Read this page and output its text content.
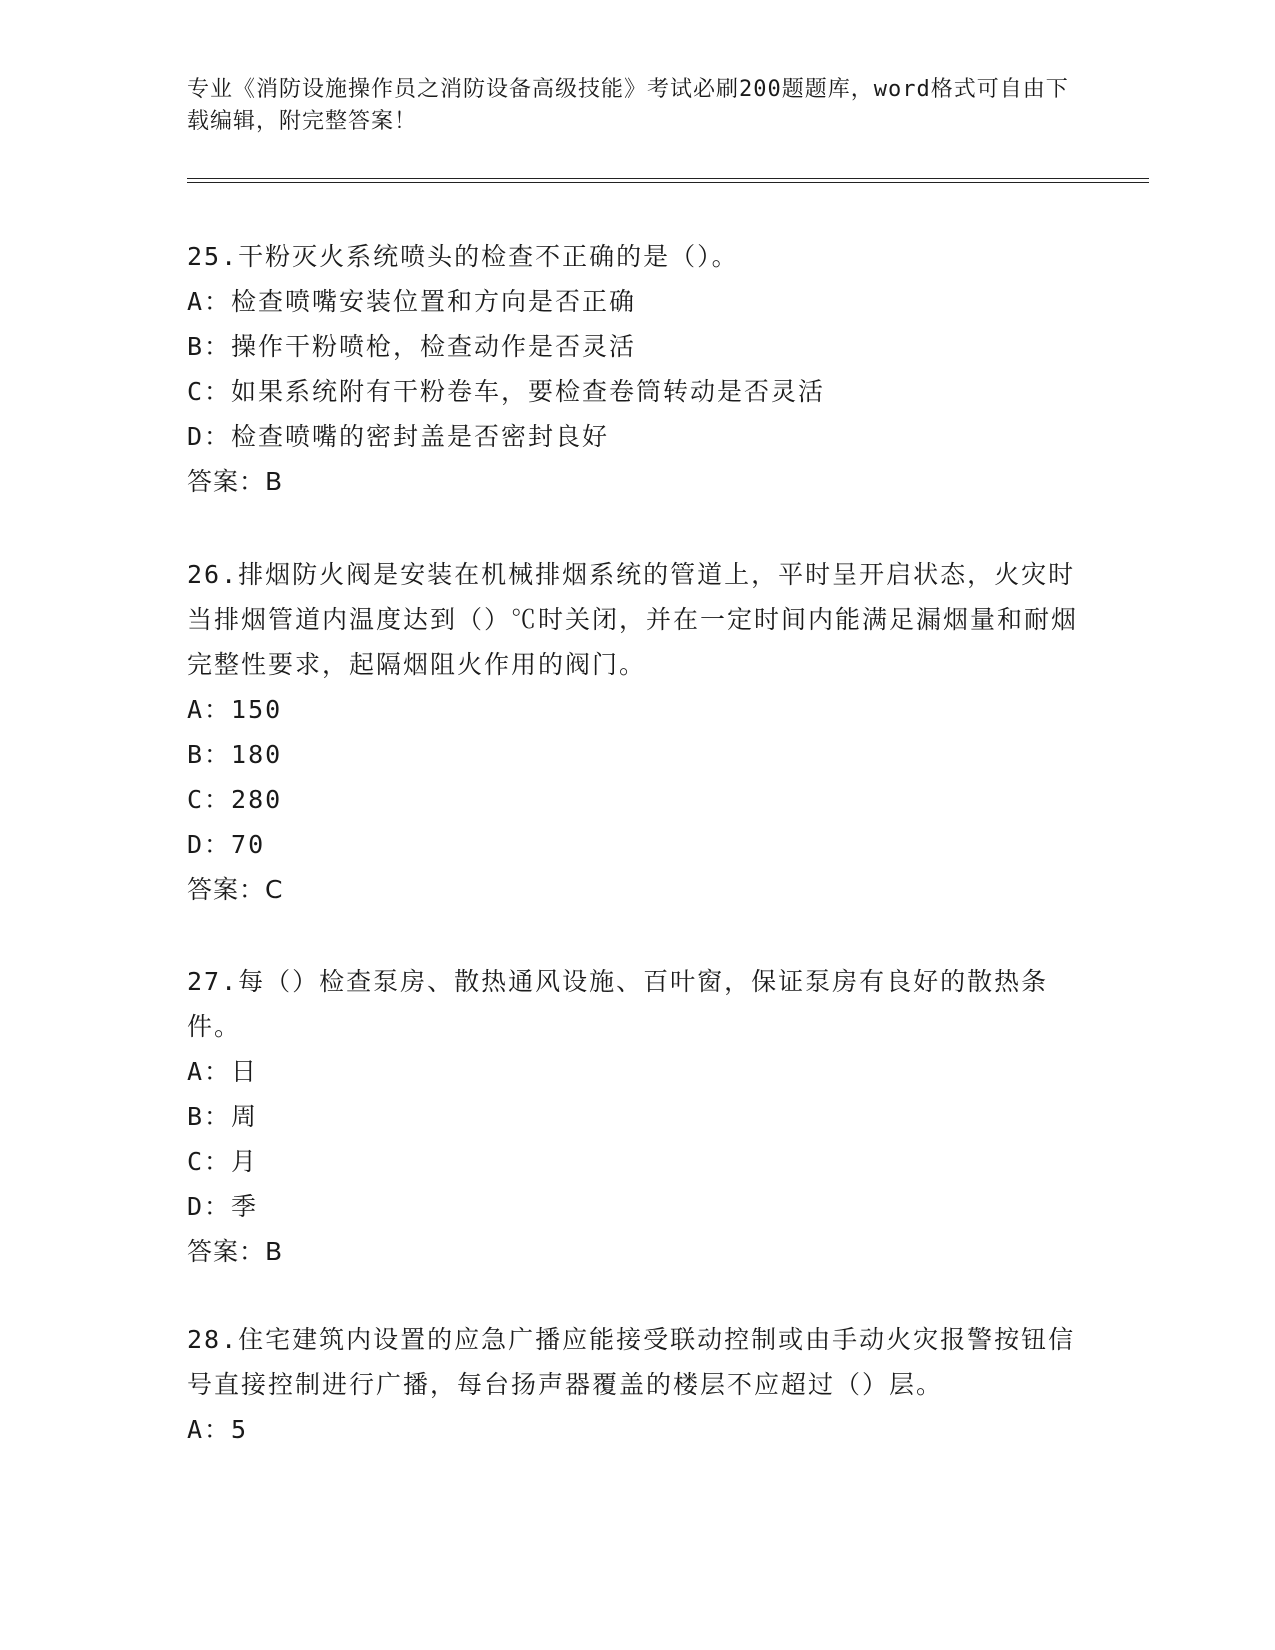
专业《消防设施操作员之消防设备高级技能》考试必刷200题题库，word格式可自由下载编辑，附完整答案！

25.干粉灭火系统喷头的检查不正确的是（）。

A：检查喷嘴安装位置和方向是否正确

B：操作干粉喷枪，检查动作是否灵活

C：如果系统附有干粉卷车，要检查卷筒转动是否灵活

D：检查喷嘴的密封盖是否密封良好

答案：B

26.排烟防火阀是安装在机械排烟系统的管道上，平时呈开启状态，火灾时当排烟管道内温度达到（）℃时关闭，并在一定时间内能满足漏烟量和耐烟完整性要求，起隔烟阻火作用的阀门。

A：150

B：180

C：280

D：70

答案：C

27.每（）检查泵房、散热通风设施、百叶窗，保证泵房有良好的散热条件。

A：日

B：周

C：月

D：季

答案：B

28.住宅建筑内设置的应急广播应能接受联动控制或由手动火灾报警按钮信号直接控制进行广播，每台扬声器覆盖的楼层不应超过（）层。

A：5
